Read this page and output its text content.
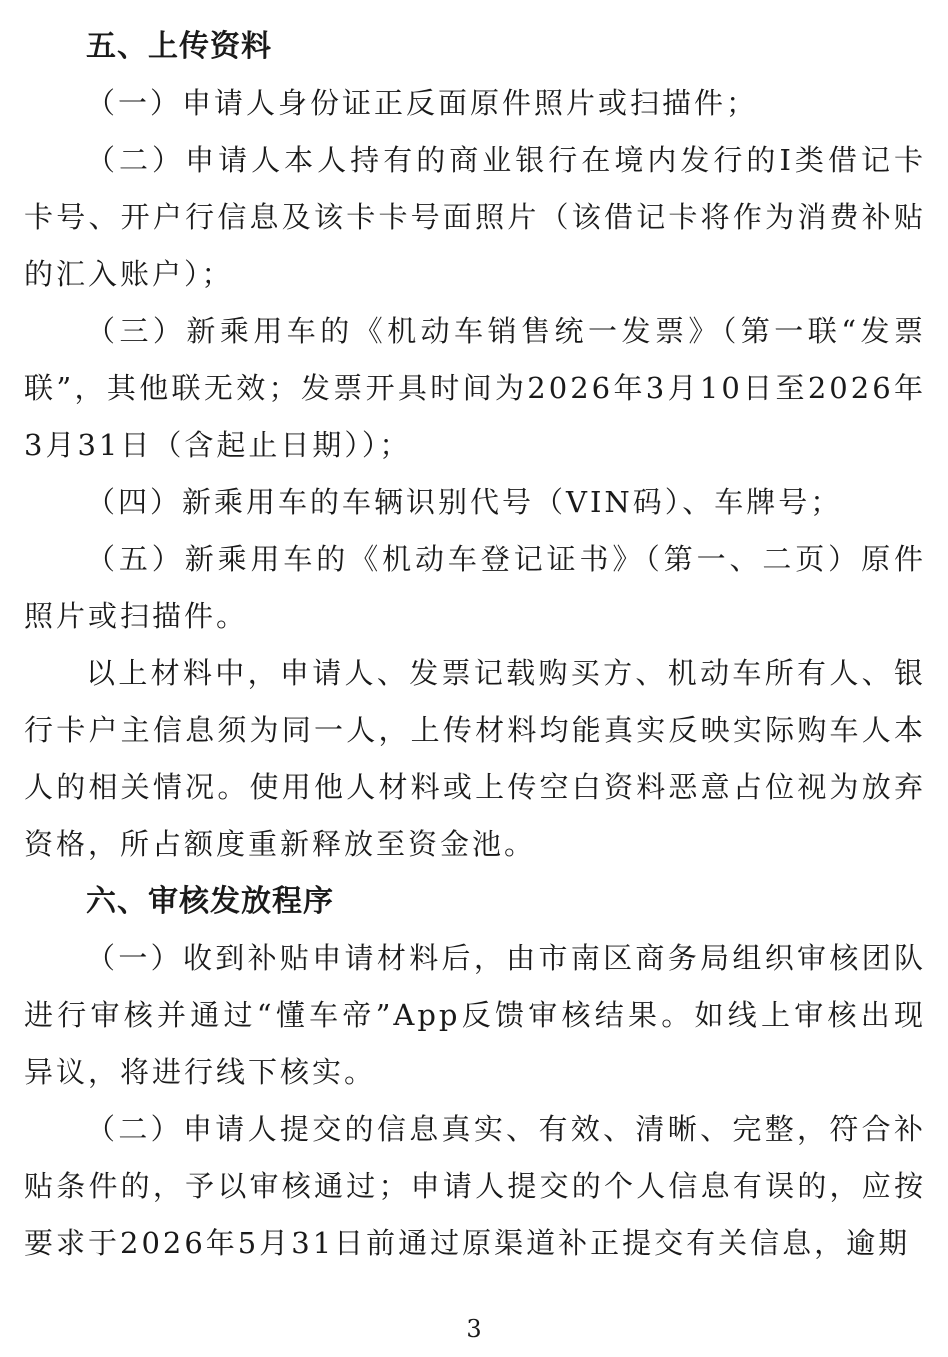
五、上传资料

（一）申请人身份证正反面原件照片或扫描件；

（二）申请人本人持有的商业银行在境内发行的Ⅰ类借记卡卡号、开户行信息及该卡卡号面照片（该借记卡将作为消费补贴的汇入账户）；

（三）新乘用车的《机动车销售统一发票》（第一联“发票联”，其他联无效；发票开具时间为2026年3月10日至2026年3月31日（含起止日期））；

（四）新乘用车的车辆识别代号（VIN码）、车牌号；

（五）新乘用车的《机动车登记证书》（第一、二页）原件照片或扫描件。

以上材料中，申请人、发票记载购买方、机动车所有人、银行卡户主信息须为同一人，上传材料均能真实反映实际购车人本人的相关情况。使用他人材料或上传空白资料恶意占位视为放弃资格，所占额度重新释放至资金池。

六、审核发放程序

（一）收到补贴申请材料后，由市南区商务局组织审核团队进行审核并通过“懂车帝”App反馈审核结果。如线上审核出现异议，将进行线下核实。

（二）申请人提交的信息真实、有效、清晰、完整，符合补贴条件的，予以审核通过；申请人提交的个人信息有误的，应按要求于2026年5月31日前通过原渠道补正提交有关信息，逾期

3
